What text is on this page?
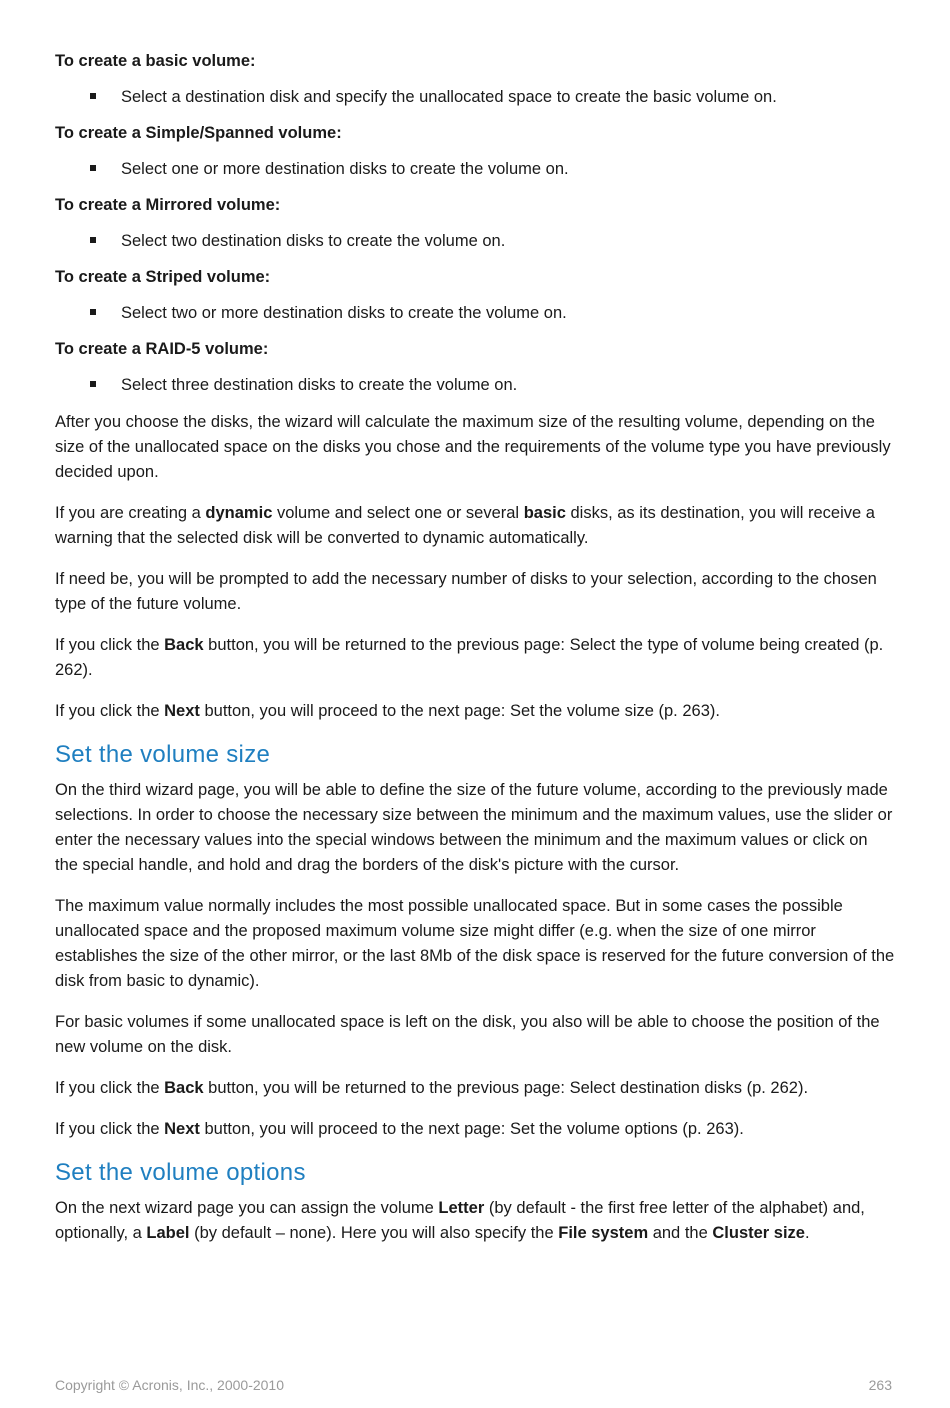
To create a basic volume:
Select a destination disk and specify the unallocated space to create the basic volume on.
To create a Simple/Spanned volume:
Select one or more destination disks to create the volume on.
To create a Mirrored volume:
Select two destination disks to create the volume on.
To create a Striped volume:
Select two or more destination disks to create the volume on.
To create a RAID-5 volume:
Select three destination disks to create the volume on.

After you choose the disks, the wizard will calculate the maximum size of the resulting volume, depending on the size of the unallocated space on the disks you chose and the requirements of the volume type you have previously decided upon.

If you are creating a dynamic volume and select one or several basic disks, as its destination, you will receive a warning that the selected disk will be converted to dynamic automatically.

If need be, you will be prompted to add the necessary number of disks to your selection, according to the chosen type of the future volume.

If you click the Back button, you will be returned to the previous page: Select the type of volume being created (p. 262).

If you click the Next button, you will proceed to the next page: Set the volume size (p. 263).

Set the volume size

On the third wizard page, you will be able to define the size of the future volume, according to the previously made selections. In order to choose the necessary size between the minimum and the maximum values, use the slider or enter the necessary values into the special windows between the minimum and the maximum values or click on the special handle, and hold and drag the borders of the disk's picture with the cursor.

The maximum value normally includes the most possible unallocated space. But in some cases the possible unallocated space and the proposed maximum volume size might differ (e.g. when the size of one mirror establishes the size of the other mirror, or the last 8Mb of the disk space is reserved for the future conversion of the disk from basic to dynamic).

For basic volumes if some unallocated space is left on the disk, you also will be able to choose the position of the new volume on the disk.

If you click the Back button, you will be returned to the previous page: Select destination disks (p. 262).

If you click the Next button, you will proceed to the next page: Set the volume options (p. 263).

Set the volume options

On the next wizard page you can assign the volume Letter (by default - the first free letter of the alphabet) and, optionally, a Label (by default – none). Here you will also specify the File system and the Cluster size.

Copyright © Acronis, Inc., 2000-2010	263
